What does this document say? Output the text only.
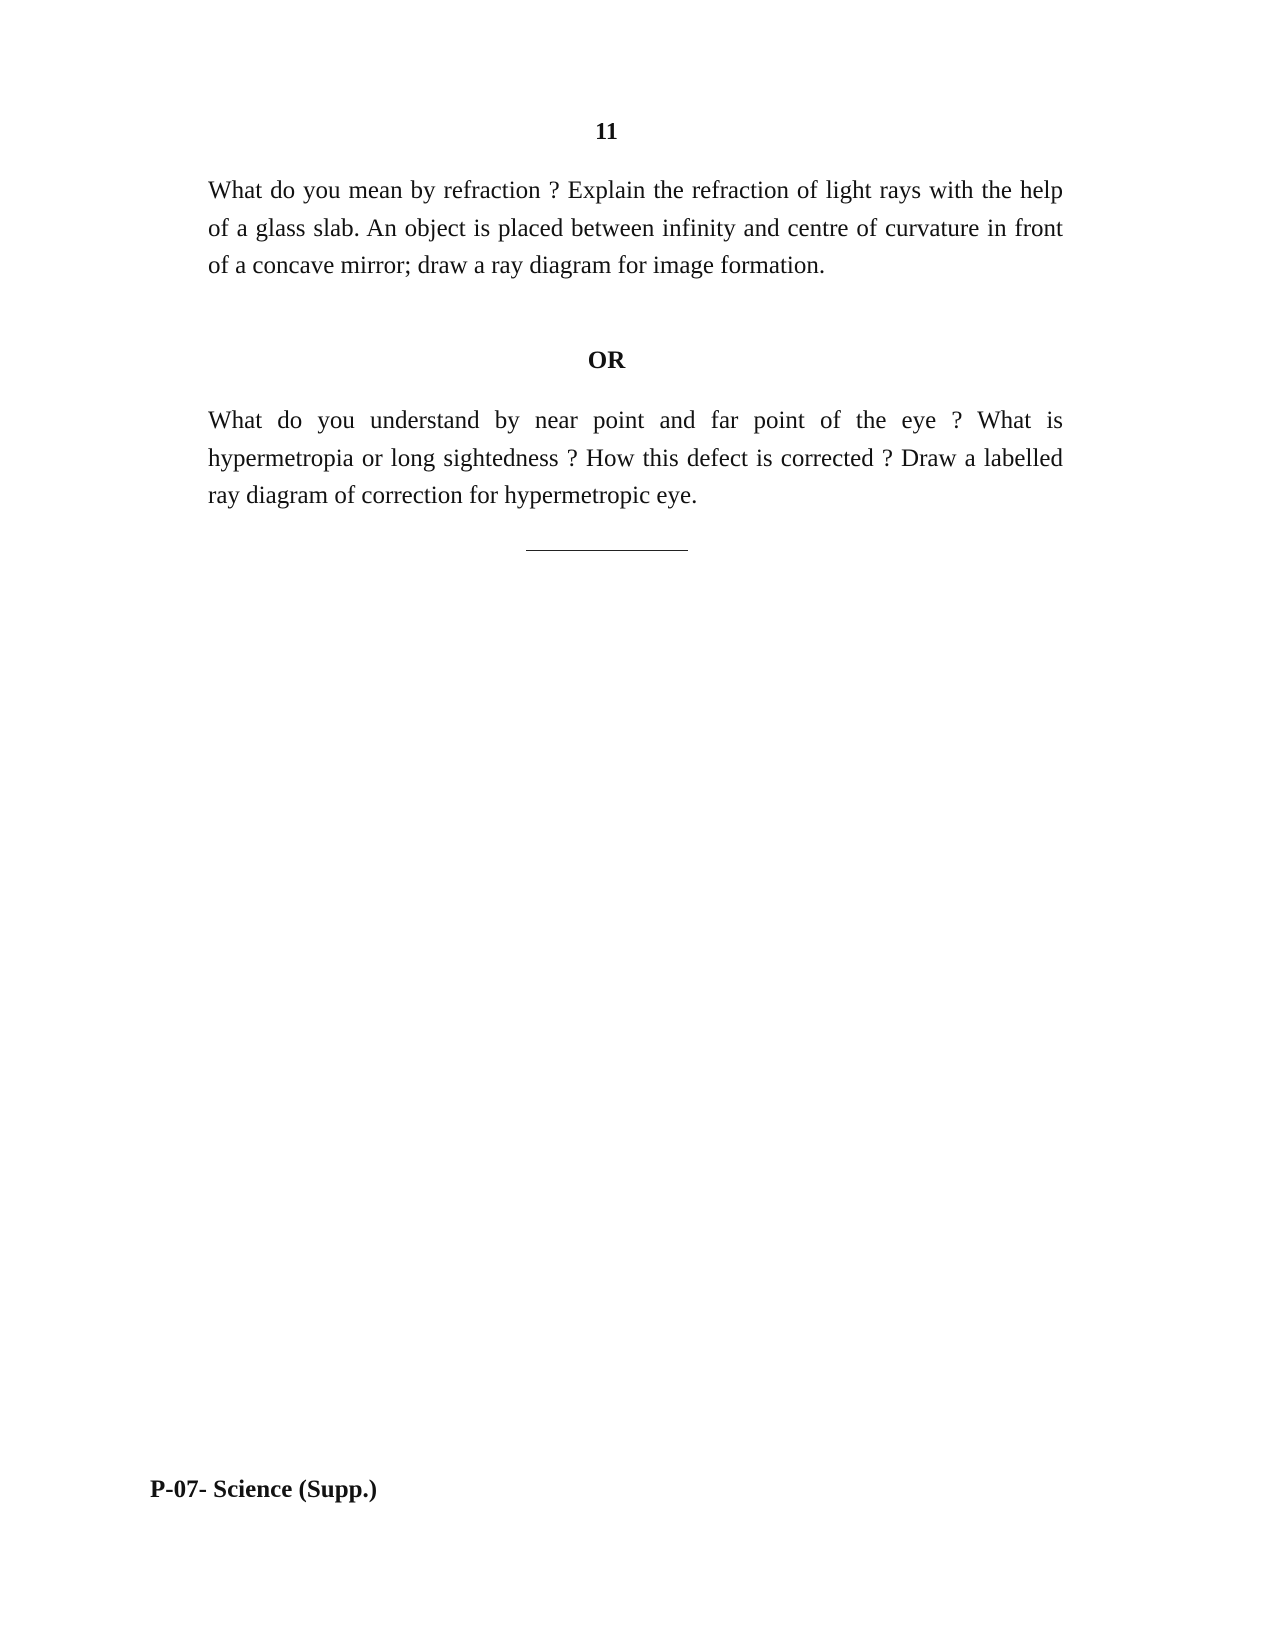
11

What do you mean by refraction ? Explain the refraction of light rays with the help of a glass slab. An object is placed between infinity and centre of curvature in front of a concave mirror; draw a ray diagram for image formation.

OR

What do you understand by near point and far point of the eye ? What is hypermetropia or long sightedness ? How this defect is corrected ? Draw a labelled ray diagram of correction for hypermetropic eye.

P-07- Science (Supp.)
